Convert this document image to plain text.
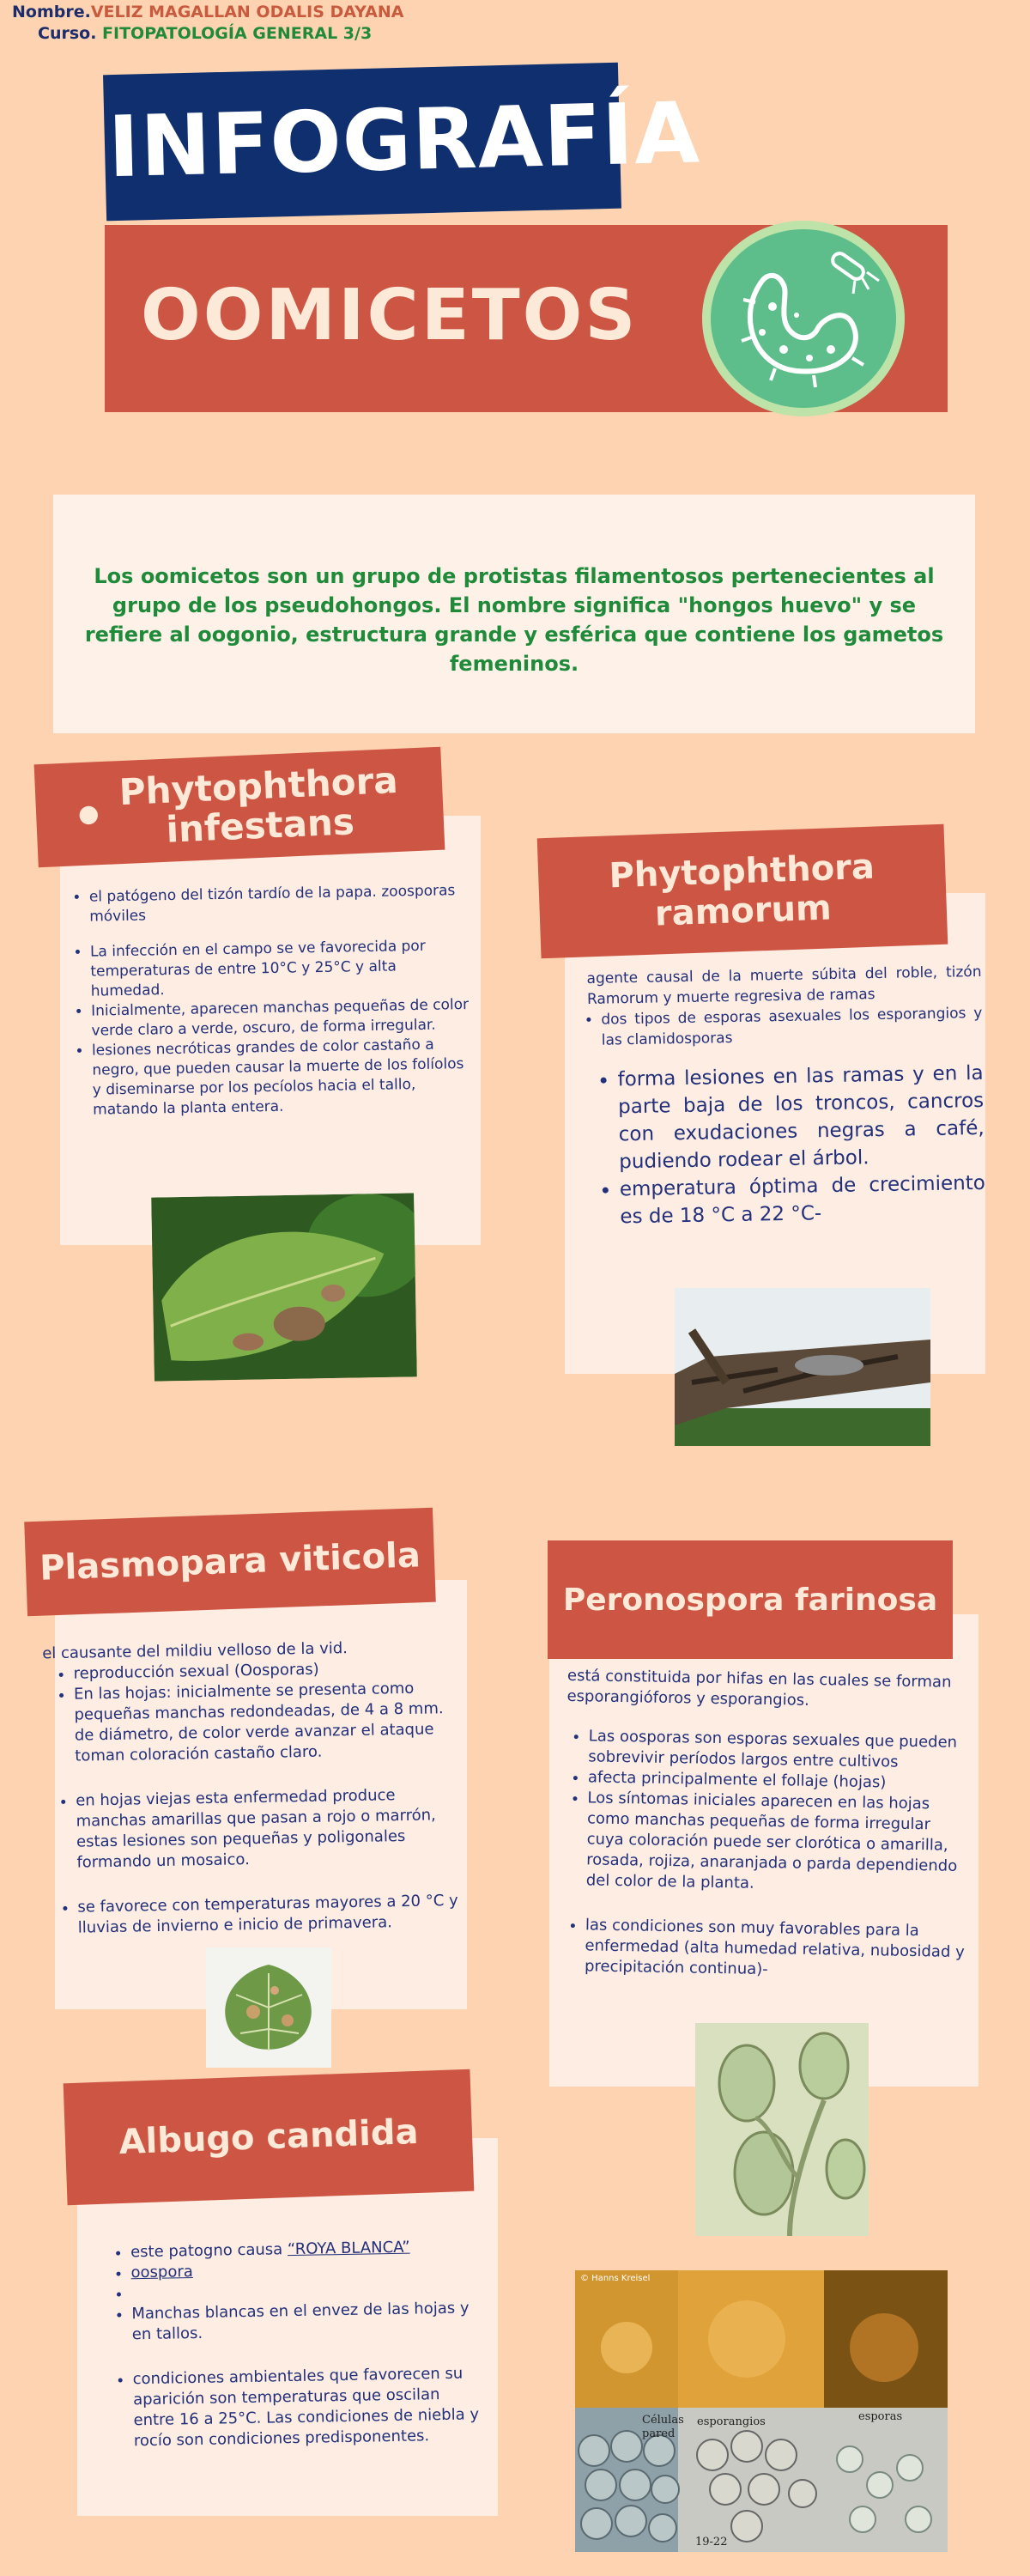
Nombre.VELIZ MAGALLAN ODALIS DAYANA
Curso. FITOPATOLOGÍA GENERAL 3/3
INFOGRAFÍA
OOMICETOS

Los oomicetos son un grupo de protistas filamentosos pertenecientes al grupo de los pseudohongos. El nombre significa "hongos huevo" y se refiere al oogonio, estructura grande y esférica que contiene los gametos femeninos.

●
Phytophthora infestans
• el patógeno del tizón tardío de la papa. zoosporas móviles
• La infección en el campo se ve favorecida por temperaturas de entre 10°C y 25°C y alta humedad.
• Inicialmente, aparecen manchas pequeñas de color verde claro a verde, oscuro, de forma irregular.
• lesiones necróticas grandes de color castaño a negro, que pueden causar la muerte de los folíolos y diseminarse por los pecíolos hacia el tallo, matando la planta entera.
Phytophthora ramorum
agente causal de la muerte súbita del roble, tizón Ramorum y muerte regresiva de ramas
• dos tipos de esporas asexuales los esporangios y las clamidosporas
• forma lesiones en las ramas y en la parte baja de los troncos, cancros con exudaciones negras a café, pudiendo rodear el árbol.
• emperatura óptima de crecimiento es de 18 °C a 22 °C-
Plasmopara viticola
el causante del mildiu velloso de la vid.
• reproducción sexual (Oosporas)
• En las hojas: inicialmente se presenta como pequeñas manchas redondeadas, de 4 a 8 mm. de diámetro, de color verde avanzar el ataque toman coloración castaño claro.
• en hojas viejas esta enfermedad produce manchas amarillas que pasan a rojo o marrón, estas lesiones son pequeñas y poligonales formando un mosaico.
• se favorece con temperaturas mayores a 20 °C y lluvias de invierno e inicio de primavera.
Peronospora farinosa
está constituida por hifas en las cuales se forman esporangióforos y esporangios.
• Las oosporas son esporas sexuales que pueden sobrevivir períodos largos entre cultivos
• afecta principalmente el follaje (hojas)
• Los síntomas iniciales aparecen en las hojas como manchas pequeñas de forma irregular cuya coloración puede ser clorótica o amarilla, rosada, rojiza, anaranjada o parda dependiendo del color de la planta.
• las condiciones son muy favorables para la enfermedad (alta humedad relativa, nubosidad y precipitación continua)-
Albugo candida
• este patogno causa “ROYA BLANCA”
• oospora
•
• Manchas blancas en el envez de las hojas y en tallos.
• condiciones ambientales que favorecen su aparición son temperaturas que oscilan entre 16 a 25°C. Las condiciones de niebla y rocío son condiciones predisponentes.
© Hanns Kreisel
Células
pared
esporangios	esporas
19-22
